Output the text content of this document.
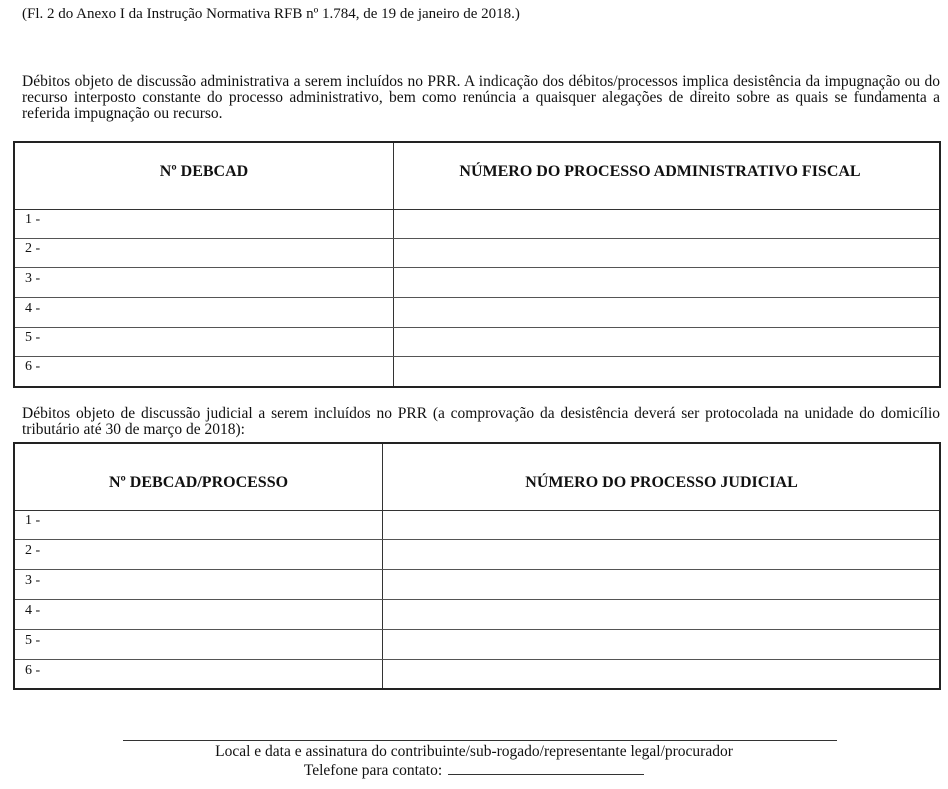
(Fl. 2 do Anexo I da Instrução Normativa RFB nº 1.784, de 19 de janeiro de 2018.)
Débitos objeto de discussão administrativa a serem incluídos no PRR. A indicação dos débitos/processos implica desistência da impugnação ou do recurso interposto constante do processo administrativo, bem como renúncia a quaisquer alegações de direito sobre as quais se fundamenta a referida impugnação ou recurso.
Nº DEBCAD	NÚMERO DO PROCESSO ADMINISTRATIVO FISCAL
1 -
2 -
3 -
4 -
5 -
6 -
Débitos objeto de discussão judicial a serem incluídos no PRR (a comprovação da desistência deverá ser protocolada na unidade do domicílio tributário até 30 de março de 2018):
Nº DEBCAD/PROCESSO	NÚMERO DO PROCESSO JUDICIAL
1 -
2 -
3 -
4 -
5 -
6 -
Local e data e assinatura do contribuinte/sub-rogado/representante legal/procurador
Telefone para contato:
